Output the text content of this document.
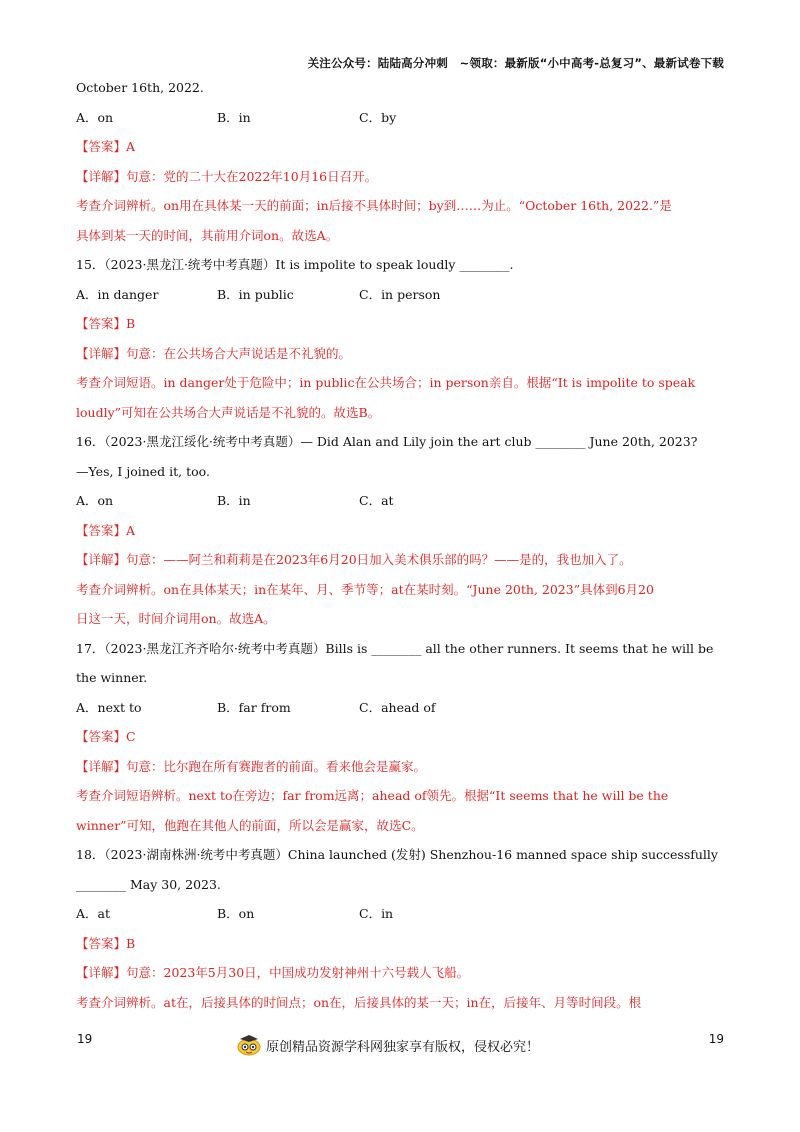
关注公众号：陆陆高分冲刺　~领取：最新版“小中高考-总复习”、最新试卷下载
October 16th, 2022.
A．on	B．in	C．by
【答案】A
【详解】句意：党的二十大在2022年10月16日召开。
考查介词辨析。on用在具体某一天的前面；in后接不具体时间；by到……为止。“October 16th, 2022.”是
具体到某一天的时间，其前用介词on。故选A。
15．（2023·黑龙江·统考中考真题）It is impolite to speak loudly ________.
A．in danger	B．in public	C．in person
【答案】B
【详解】句意：在公共场合大声说话是不礼貌的。
考查介词短语。in danger处于危险中；in public在公共场合；in person亲自。根据“It is impolite to speak
loudly”可知在公共场合大声说话是不礼貌的。故选B。
16．（2023·黑龙江绥化·统考中考真题）— Did Alan and Lily join the art club ________ June 20th, 2023?
—Yes, I joined it, too.
A．on	B．in	C．at
【答案】A
【详解】句意：——阿兰和莉莉是在2023年6月20日加入美术俱乐部的吗？——是的，我也加入了。
考查介词辨析。on在具体某天；in在某年、月、季节等；at在某时刻。“June 20th, 2023”具体到6月20
日这一天，时间介词用on。故选A。
17．（2023·黑龙江齐齐哈尔·统考中考真题）Bills is ________ all the other runners. It seems that he will be
the winner.
A．next to	B．far from	C．ahead of
【答案】C
【详解】句意：比尔跑在所有赛跑者的前面。看来他会是赢家。
考查介词短语辨析。next to在旁边；far from远离；ahead of领先。根据“It seems that he will be the
winner”可知，他跑在其他人的前面，所以会是赢家，故选C。
18．（2023·湖南株洲·统考中考真题）China launched (发射) Shenzhou-16 manned space ship successfully
________ May 30, 2023.
A．at	B．on	C．in
【答案】B
【详解】句意：2023年5月30日，中国成功发射神州十六号载人飞船。
考查介词辨析。at在，后接具体的时间点；on在，后接具体的某一天；in在，后接年、月等时间段。根
19	19
原创精品资源学科网独家享有版权，侵权必究！
